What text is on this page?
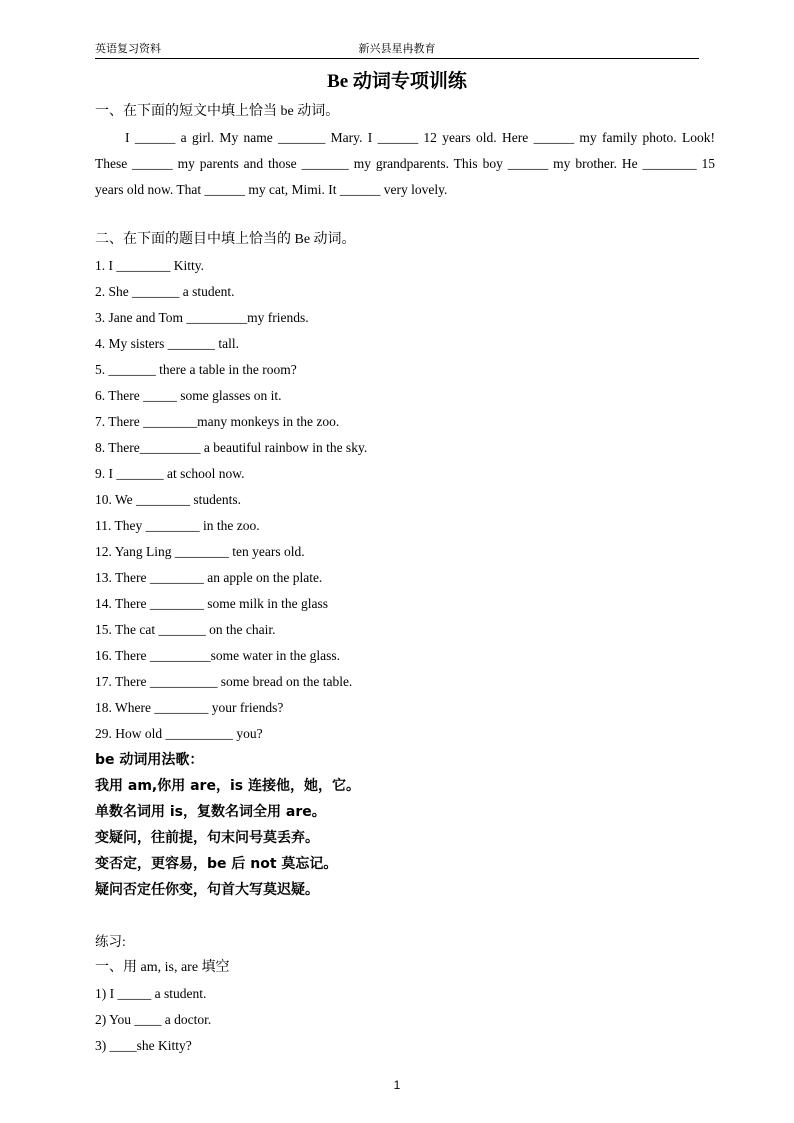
英语复习资料	新兴县星冉教育
Be 动词专项训练
一、在下面的短文中填上恰当 be 动词。

I ______ a girl. My name _______ Mary. I ______ 12 years old. Here ______ my family photo. Look! These ______ my parents and those _______ my grandparents. This boy ______ my brother. He ________ 15 years old now. That ______ my cat, Mimi. It ______ very lovely.

二、在下面的题目中填上恰当的 Be 动词。
1. I ________ Kitty.
2. She _______ a student.
3. Jane and Tom _________my friends.
4. My sisters _______ tall.
5. _______ there a table in the room?
6. There _____ some glasses on it.
7. There ________many monkeys in the zoo.
8. There_________ a beautiful rainbow in the sky.
9. I _______ at school now.
10. We ________ students.
11. They ________ in the zoo.
12. Yang Ling ________ ten years old.
13. There ________ an apple on the plate.
14. There ________ some milk in the glass
15. The cat _______ on the chair.
16. There _________some water in the glass.
17. There __________ some bread on the table.
18. Where ________ your friends?
29. How old __________ you?
be 动词用法歌：
我用 am,你用 are，is 连接他，她，它。
单数名词用 is，复数名词全用 are。
变疑问，往前提，句末问号莫丢弃。
变否定，更容易，be 后 not 莫忘记。
疑问否定任你变，句首大写莫迟疑。
练习:
一、用 am, is, are 填空
1) I _____ a student.
2) You ____ a doctor.
3) ____she Kitty?
1
